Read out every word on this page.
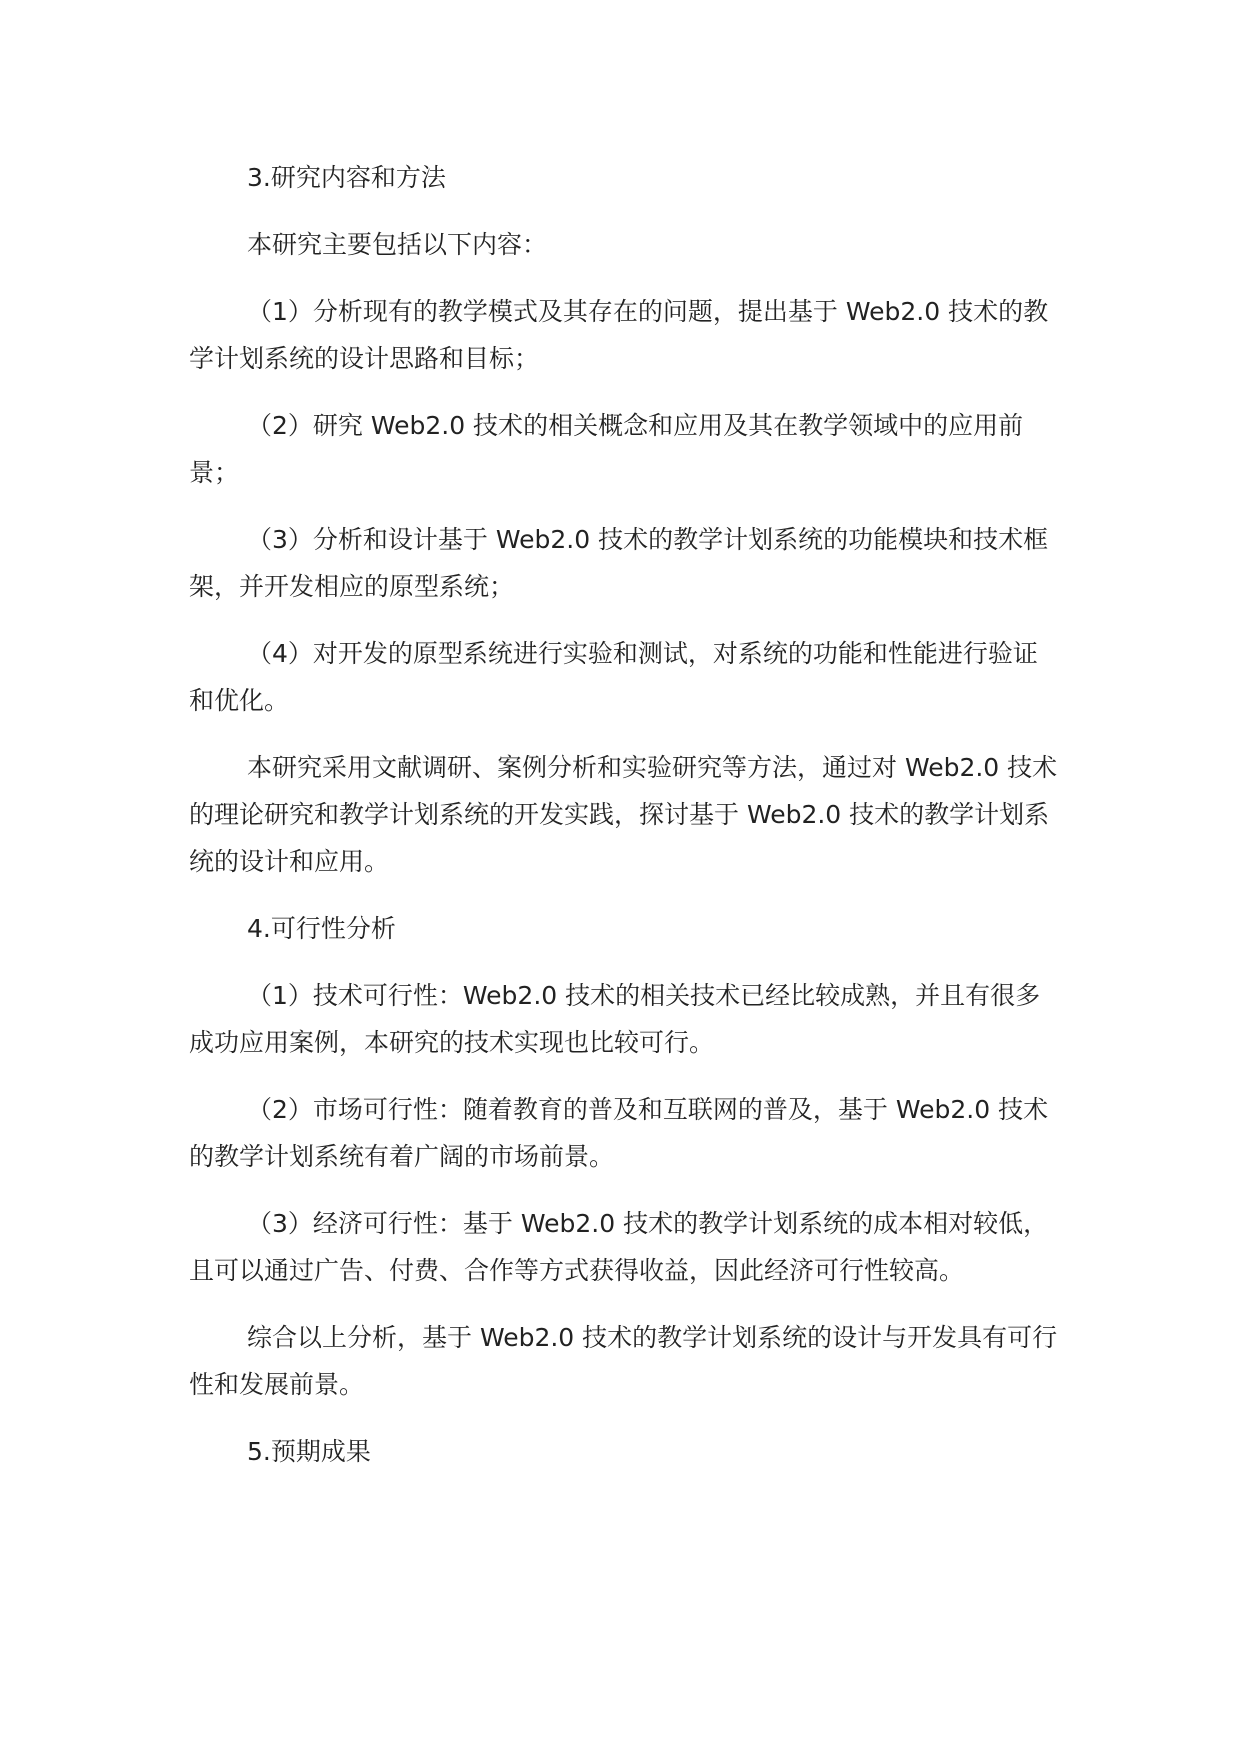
3.研究内容和方法

本研究主要包括以下内容：

（1）分析现有的教学模式及其存在的问题，提出基于 Web2.0 技术的教学计划系统的设计思路和目标；

（2）研究 Web2.0 技术的相关概念和应用及其在教学领域中的应用前景；

（3）分析和设计基于 Web2.0 技术的教学计划系统的功能模块和技术框架，并开发相应的原型系统；

（4）对开发的原型系统进行实验和测试，对系统的功能和性能进行验证和优化。

本研究采用文献调研、案例分析和实验研究等方法，通过对 Web2.0 技术的理论研究和教学计划系统的开发实践，探讨基于 Web2.0 技术的教学计划系统的设计和应用。

4.可行性分析

（1）技术可行性：Web2.0 技术的相关技术已经比较成熟，并且有很多成功应用案例，本研究的技术实现也比较可行。

（2）市场可行性：随着教育的普及和互联网的普及，基于 Web2.0 技术的教学计划系统有着广阔的市场前景。

（3）经济可行性：基于 Web2.0 技术的教学计划系统的成本相对较低，且可以通过广告、付费、合作等方式获得收益，因此经济可行性较高。

综合以上分析，基于 Web2.0 技术的教学计划系统的设计与开发具有可行性和发展前景。

5.预期成果
